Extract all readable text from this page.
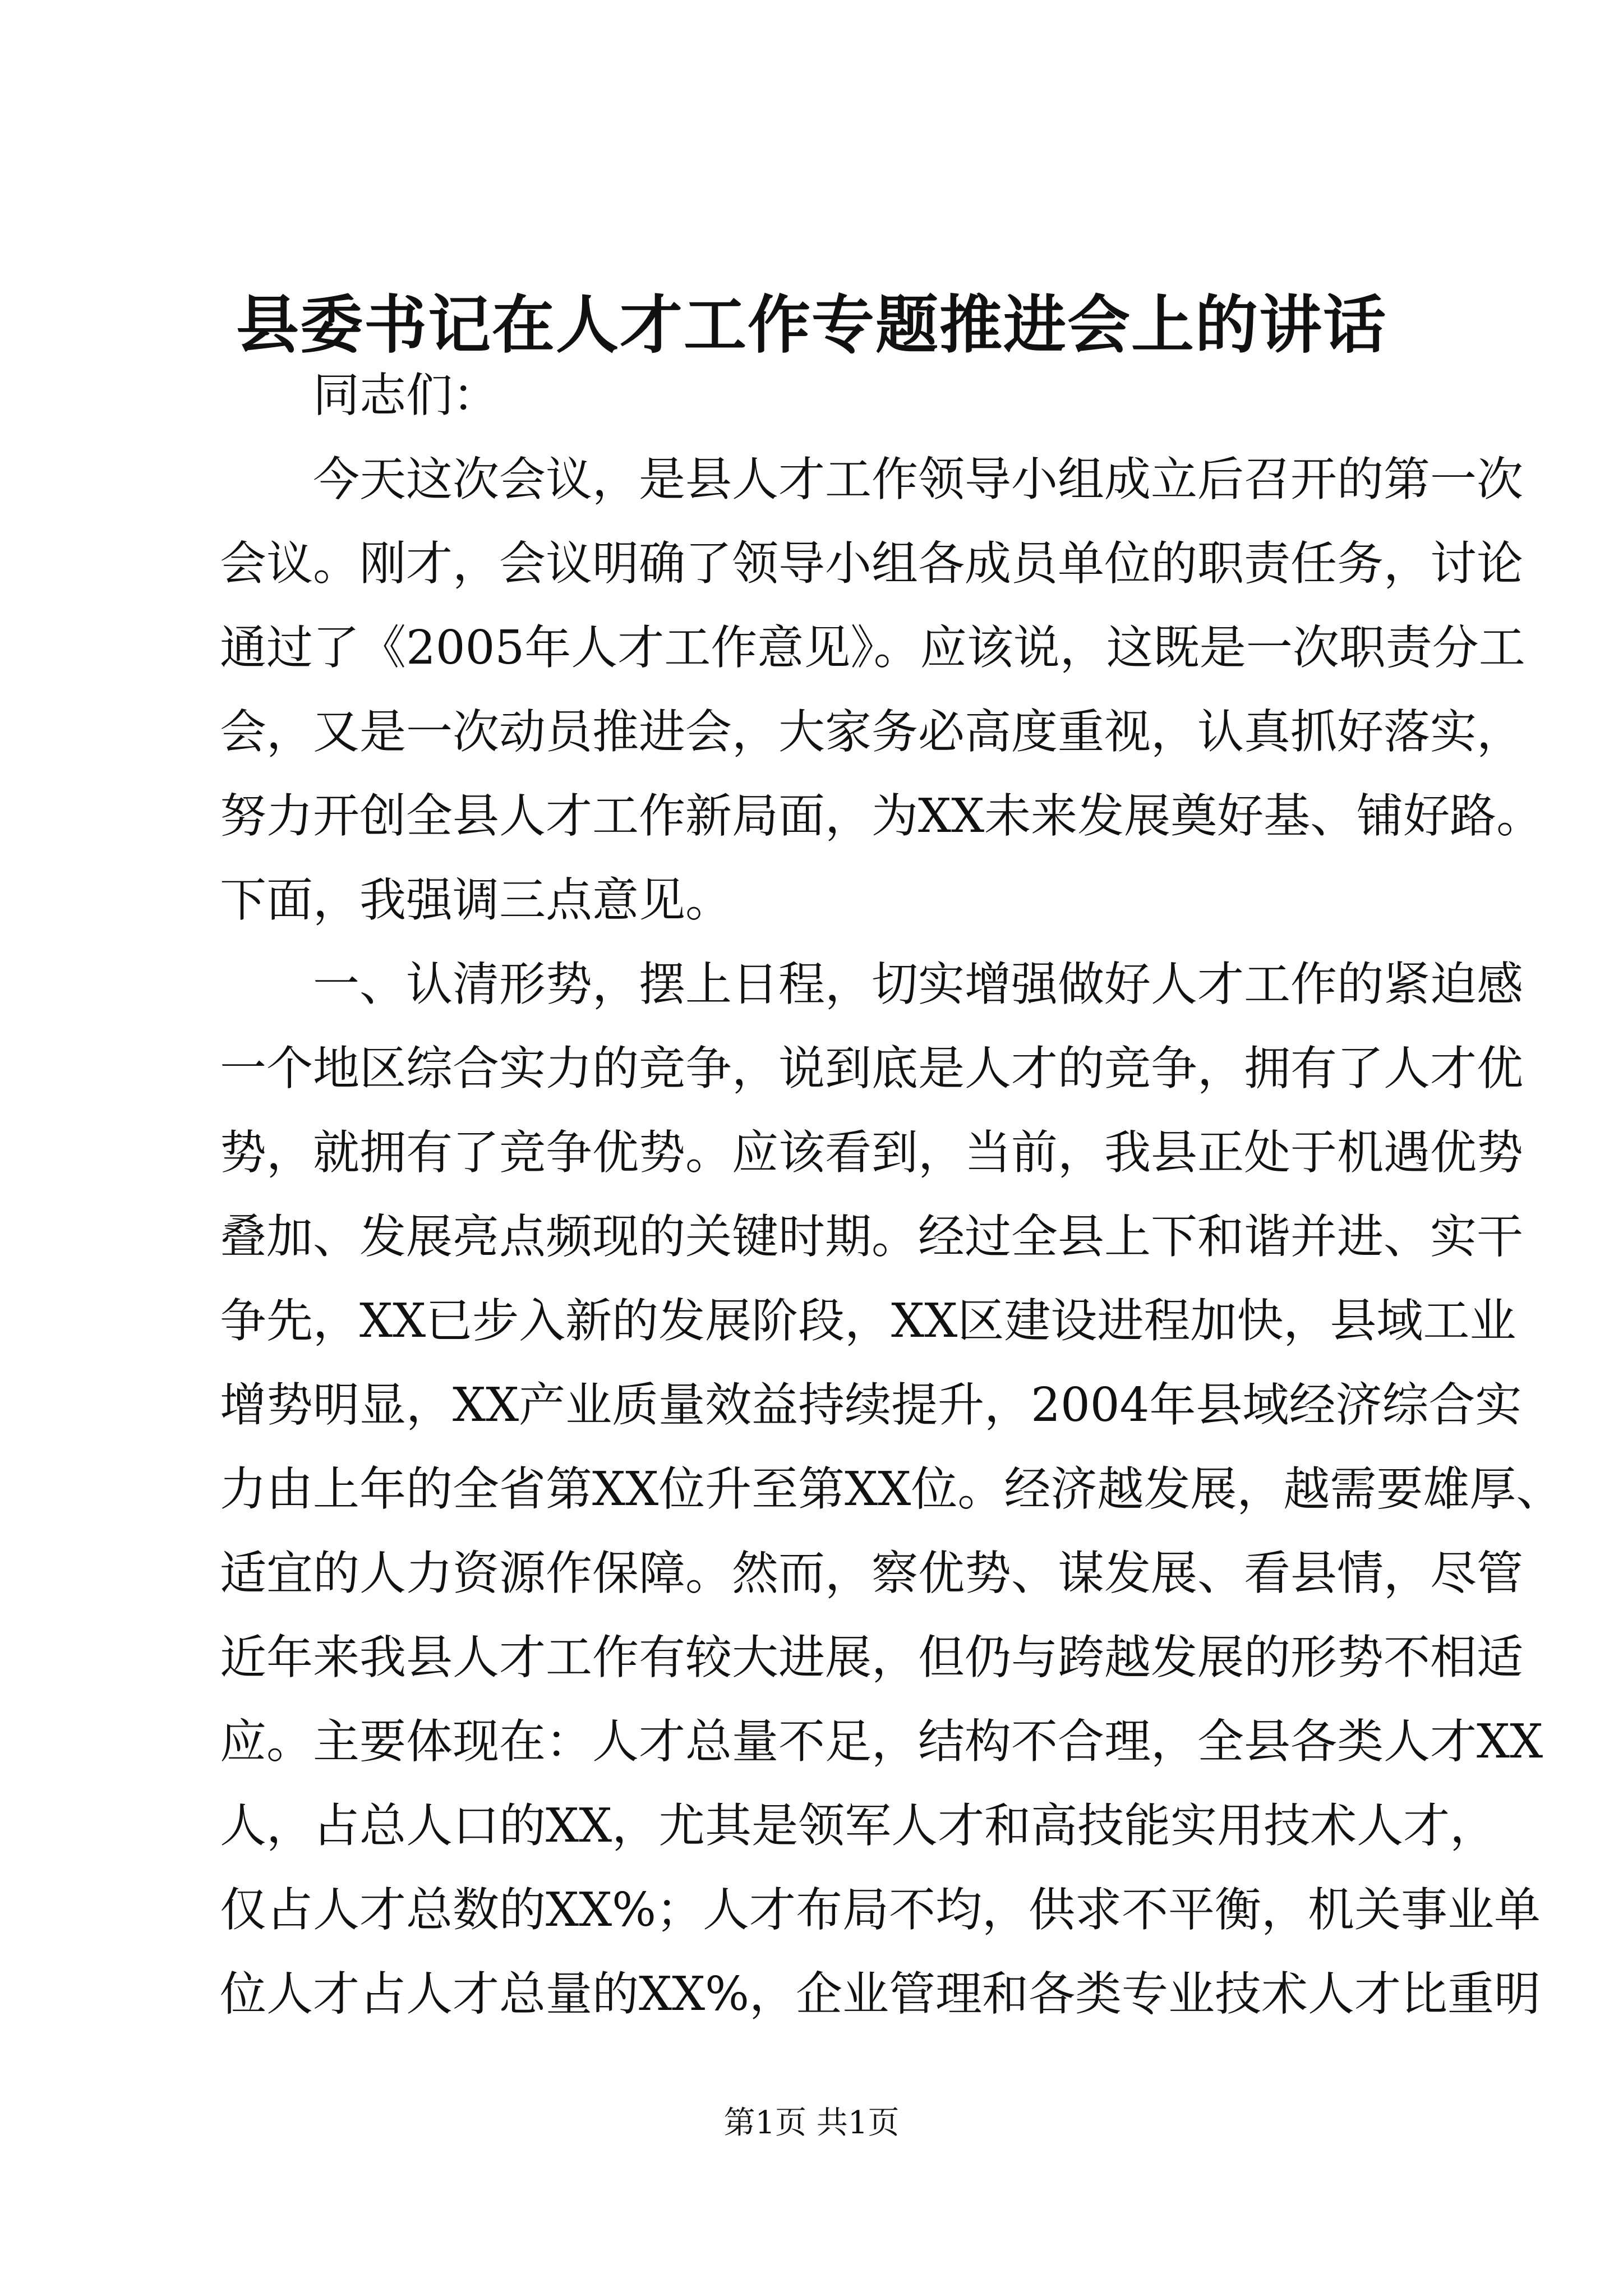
县委书记在人才工作专题推进会上的讲话
同志们：
今天这次会议，是县人才工作领导小组成立后召开的第一次
会议。刚才，会议明确了领导小组各成员单位的职责任务，讨论
通过了《2005年人才工作意见》。应该说，这既是一次职责分工
会，又是一次动员推进会，大家务必高度重视，认真抓好落实，
努力开创全县人才工作新局面，为XX未来发展奠好基、铺好路。
下面，我强调三点意见。
一、认清形势，摆上日程，切实增强做好人才工作的紧迫感
一个地区综合实力的竞争，说到底是人才的竞争，拥有了人才优
势，就拥有了竞争优势。应该看到，当前，我县正处于机遇优势
叠加、发展亮点频现的关键时期。经过全县上下和谐并进、实干
争先，XX已步入新的发展阶段，XX区建设进程加快，县域工业
增势明显，XX产业质量效益持续提升，2004年县域经济综合实
力由上年的全省第XX位升至第XX位。经济越发展，越需要雄厚、
适宜的人力资源作保障。然而，察优势、谋发展、看县情，尽管
近年来我县人才工作有较大进展，但仍与跨越发展的形势不相适
应。主要体现在：人才总量不足，结构不合理，全县各类人才XX
人，占总人口的XX，尤其是领军人才和高技能实用技术人才，
仅占人才总数的XX%；人才布局不均，供求不平衡，机关事业单
位人才占人才总量的XX%，企业管理和各类专业技术人才比重明
第1页 共1页
